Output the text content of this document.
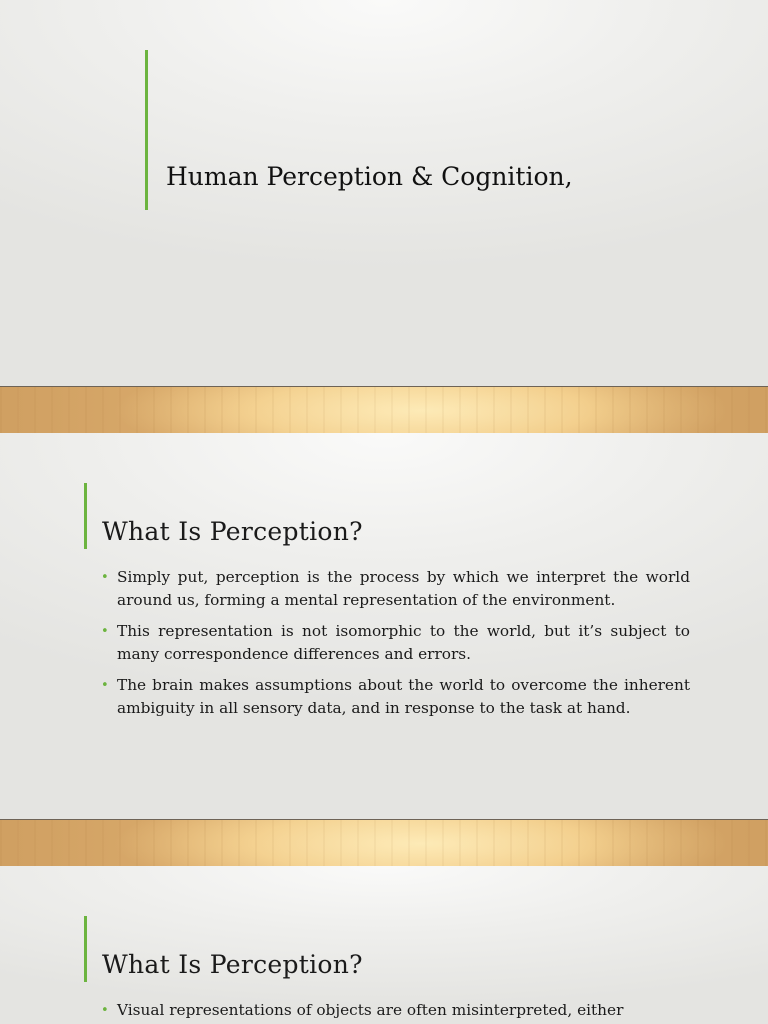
Human Perception & Cognition,
What Is Perception?
• Simply put, perception is the process by which we interpret the world around us, forming a mental representation of the environment.
• This representation is not isomorphic to the world, but it’s subject to many correspondence differences and errors.
• The brain makes assumptions about the world to overcome the inherent ambiguity in all sensory data, and in response to the task at hand.
What Is Perception?
• Visual representations of objects are often misinterpreted, either
